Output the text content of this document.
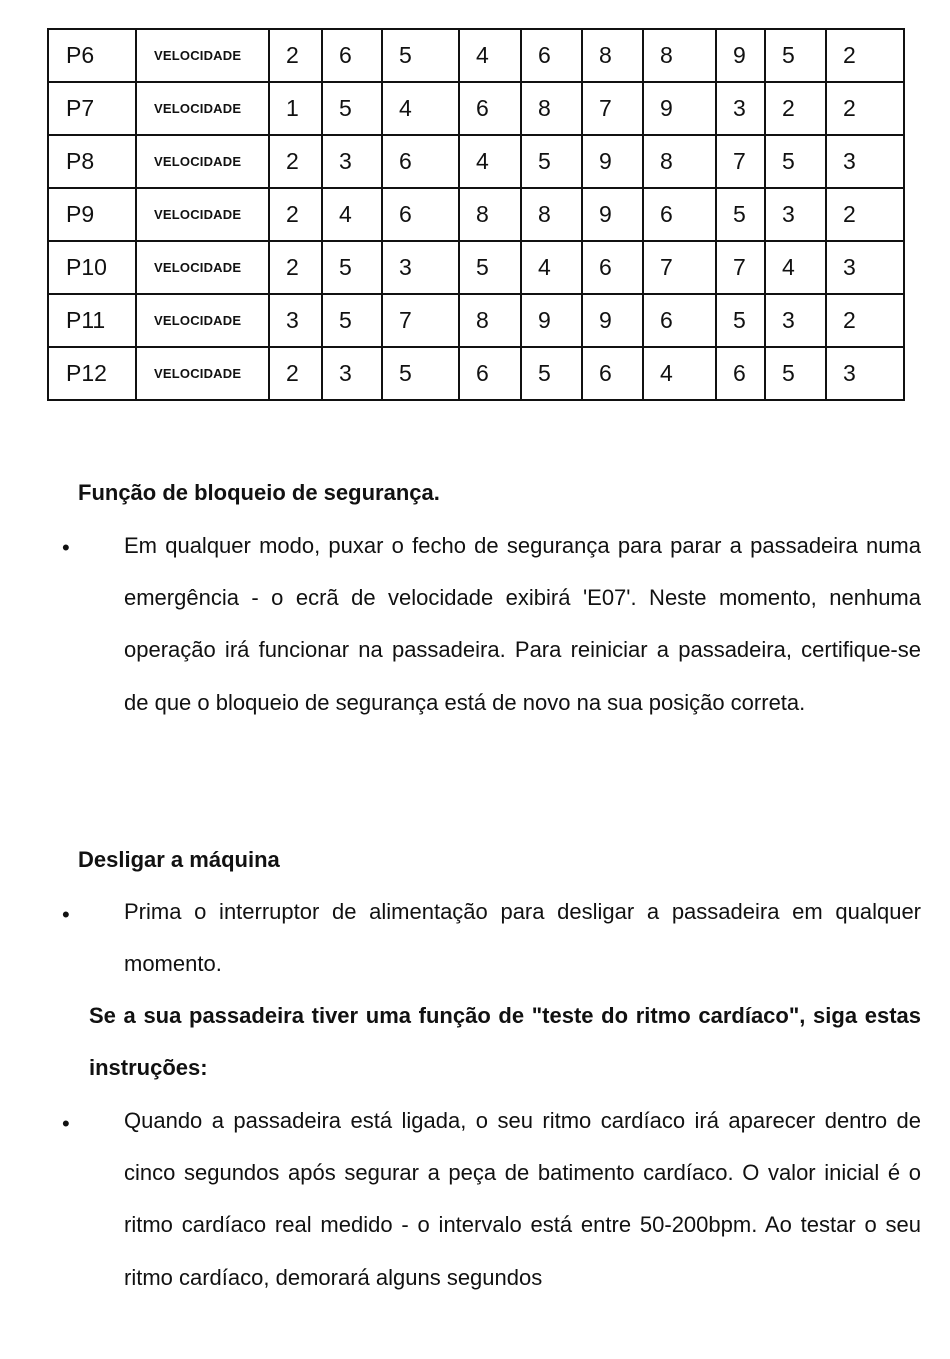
P6	VELOCIDADE	2	6	5	4	6	8	8	9	5	2
P7	VELOCIDADE	1	5	4	6	8	7	9	3	2	2
P8	VELOCIDADE	2	3	6	4	5	9	8	7	5	3
P9	VELOCIDADE	2	4	6	8	8	9	6	5	3	2
P10	VELOCIDADE	2	5	3	5	4	6	7	7	4	3
P11	VELOCIDADE	3	5	7	8	9	9	6	5	3	2
P12	VELOCIDADE	2	3	5	6	5	6	4	6	5	3
Função de bloqueio de segurança.
• Em qualquer modo, puxar o fecho de segurança para parar a passadeira numa emergência - o ecrã de velocidade exibirá 'E07'. Neste momento, nenhuma operação irá funcionar na passadeira. Para reiniciar a passadeira, certifique-se de que o bloqueio de segurança está de novo na sua posição correta.

Desligar a máquina
• Prima o interruptor de alimentação para desligar a passadeira em qualquer momento.

Se a sua passadeira tiver uma função de "teste do ritmo cardíaco", siga estas instruções:

• Quando a passadeira está ligada, o seu ritmo cardíaco irá aparecer dentro de cinco segundos após segurar a peça de batimento cardíaco. O valor inicial é o ritmo cardíaco real medido - o intervalo está entre 50-200bpm. Ao testar o seu ritmo cardíaco, demorará alguns segundos
